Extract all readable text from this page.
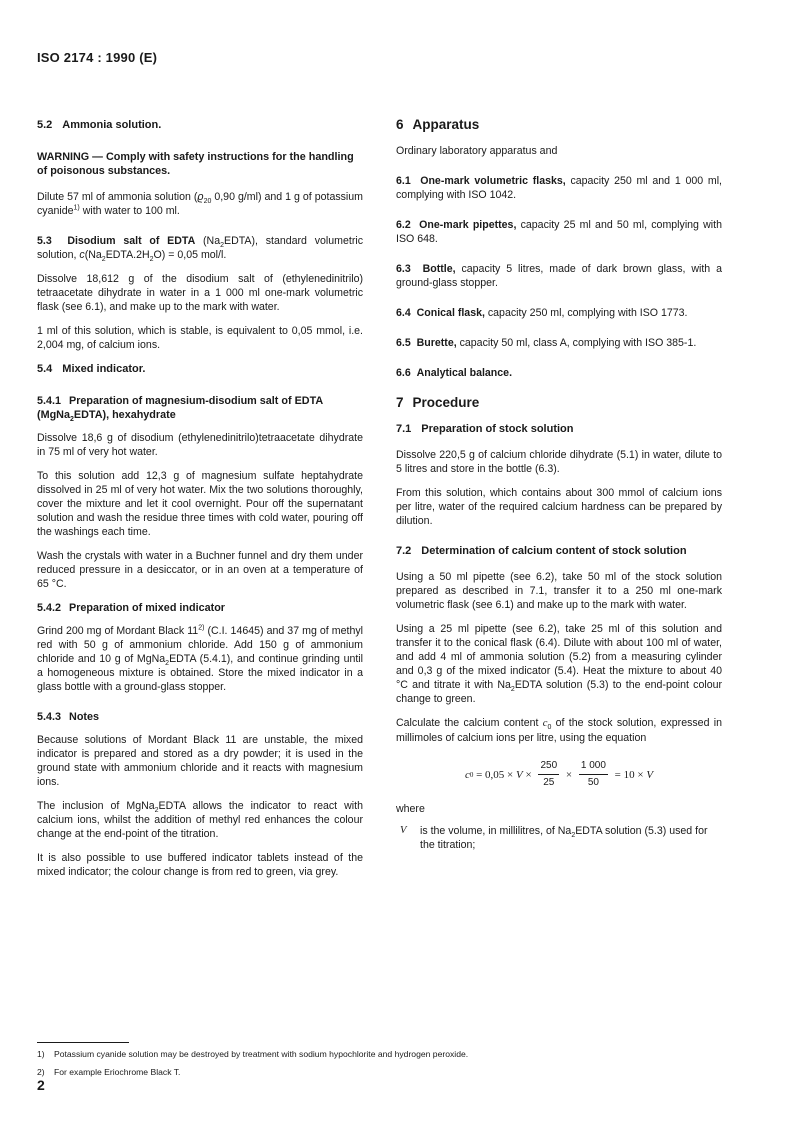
ISO 2174 : 1990 (E)
5.2 Ammonia solution.
WARNING — Comply with safety instructions for the handling of poisonous substances.

Dilute 57 ml of ammonia solution ($ϱ_{20}$ 0,90 g/ml) and 1 g of potassium cyanide$^{1)}$ with water to 100 ml.

5.3 Disodium salt of EDTA $(Na_2EDTA)$, standard volumetric solution, $c(Na_2EDTA.2H_2O) = 0,05$ mol/l.

Dissolve 18,612 g of the disodium salt of (ethylenedinitrilo) tetraacetate dihydrate in water in a 1 000 ml one-mark volumetric flask (see 6.1), and make up to the mark with water.

1 ml of this solution, which is stable, is equivalent to 0,05 mmol, i.e. 2,004 mg, of calcium ions.

5.4 Mixed indicator.
5.4.1 Preparation of magnesium-disodium salt of EDTA (MgNa$_2$EDTA), hexahydrate

Dissolve 18,6 g of disodium (ethylenedinitrilo)tetraacetate dihydrate in 75 ml of very hot water.

To this solution add 12,3 g of magnesium sulfate heptahydrate dissolved in 25 ml of very hot water. Mix the two solutions thoroughly, cover the mixture and let it cool overnight. Pour off the supernatant solution and wash the residue three times with cold water, pouring off the washings each time.

Wash the crystals with water in a Buchner funnel and dry them under reduced pressure in a desiccator, or in an oven at a temperature of 65 °C.

5.4.2 Preparation of mixed indicator

Grind 200 mg of Mordant Black 11$^{2)}$ (C.I. 14645) and 37 mg of methyl red with 50 g of ammonium chloride. Add 150 g of ammonium chloride and 10 g of MgNa$_2$EDTA (5.4.1), and continue grinding until a homogeneous mixture is obtained. Store the mixed indicator in a glass bottle with a ground-glass stopper.

5.4.3 Notes

Because solutions of Mordant Black 11 are unstable, the mixed indicator is prepared and stored as a dry powder; it is used in the ground state with ammonium chloride and it reacts with magnesium ions.

The inclusion of MgNa$_2$EDTA allows the indicator to react with calcium ions, whilst the addition of methyl red enhances the colour change at the end-point of the titration.

It is also possible to use buffered indicator tablets instead of the mixed indicator; the colour change is from red to green, via grey.

6 Apparatus

Ordinary laboratory apparatus and

6.1 One-mark volumetric flasks, capacity 250 ml and 1 000 ml, complying with ISO 1042.

6.2 One-mark pipettes, capacity 25 ml and 50 ml, complying with ISO 648.

6.3 Bottle, capacity 5 litres, made of dark brown glass, with a ground-glass stopper.

6.4 Conical flask, capacity 250 ml, complying with ISO 1773.

6.5 Burette, capacity 50 ml, class A, complying with ISO 385-1.

6.6 Analytical balance.

7 Procedure
7.1 Preparation of stock solution

Dissolve 220,5 g of calcium chloride dihydrate (5.1) in water, dilute to 5 litres and store in the bottle (6.3).

From this solution, which contains about 300 mmol of calcium ions per litre, water of the required calcium hardness can be prepared by dilution.

7.2 Determination of calcium content of stock solution

Using a 50 ml pipette (see 6.2), take 50 ml of the stock solution prepared as described in 7.1, transfer it to a 250 ml one-mark volumetric flask (see 6.1) and make up to the mark with water.

Using a 25 ml pipette (see 6.2), take 25 ml of this solution and transfer it to the conical flask (6.4). Dilute with about 100 ml of water, and add 4 ml of ammonia solution (5.2) from a measuring cylinder and 0,3 g of the mixed indicator (5.4). Heat the mixture to about 40 °C and titrate it with $Na_2EDTA$ solution (5.3) to the end-point colour change to green.

Calculate the calcium content $c_0$ of the stock solution, expressed in millimoles of calcium ions per litre, using the equation

c $0 = 0,05 \times V \times \frac{250}{25} \times \frac{1 000}{50} = 10 \times V$

where

V	is the volume, in millilitres, of $Na_2EDTA$ solution (5.3) used for the titration;
1) Potassium cyanide solution may be destroyed by treatment with sodium hypochlorite and hydrogen peroxide.
2) For example Eriochrome Black T.
2
